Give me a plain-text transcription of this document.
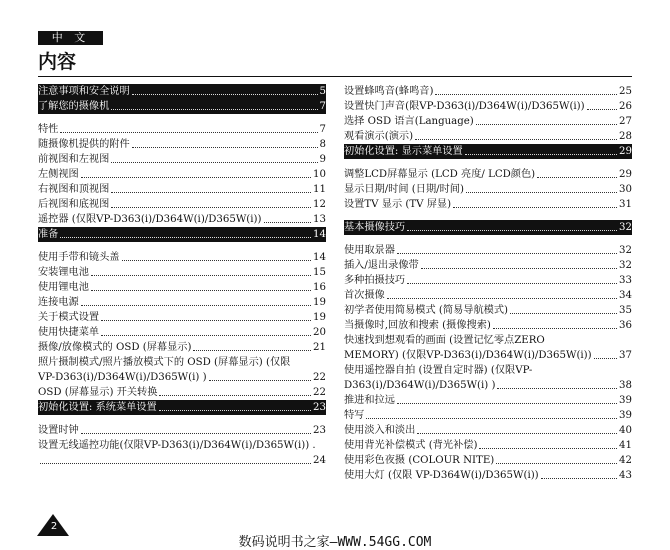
中 文
内容
注意事项和安全说明	5
了解您的摄像机	7
特性	7
随摄像机提供的附件	8
前视图和左视图	9
左侧视图	10
右视图和顶视图	11
后视图和底视图	12
遥控器 (仅限VP-D363(i)/D364W(i)/D365W(i))	13
准备	14
使用手带和镜头盖	14
安装锂电池	15
使用锂电池	16
连接电源	19
关于模式设置	19
使用快捷菜单	20
摄像/放像模式的 OSD (屏幕显示)	21
照片摄制模式/照片播放模式下的 OSD (屏幕显示) (仅限
VP-D363(i)/D364W(i)/D365W(i) )	22
OSD (屏幕显示) 开关转换	22
初始化设置: 系统菜单设置	23
设置时钟	23
设置无线遥控功能(仅限VP-D363(i)/D364W(i)/D365W(i)) .
24
设置蜂鸣音(蜂鸣音)	25
设置快门声音(限VP-D363(i)/D364W(i)/D365W(i))	26
选择 OSD 语言(Language)	27
观看演示(演示)	28
初始化设置: 显示菜单设置	29
调整LCD屏幕显示 (LCD 亮度/ LCD颜色)	29
显示日期/时间 (日期/时间)	30
设置TV 显示 (TV 屏显)	31
基本摄像技巧	32
使用取景器	32
插入/退出录像带	32
多种拍摄技巧	33
首次摄像	34
初学者使用简易模式 (简易导航模式)	35
当摄像时,回放和搜索 (摄像搜索)	36
快速找到想观看的画面 (设置记忆零点ZERO
MEMORY) (仅限VP-D363(i)/D364W(i)/D365W(i))	37
使用遥控器自拍 (设置自定时器) (仅限VP-
D363(i)/D364W(i)/D365W(i) )	38
推进和拉远	39
特写	39
使用淡入和淡出	40
使用背光补偿模式 (背光补偿)	41
使用彩色夜摄 (COLOUR NITE)	42
使用大灯 (仅限 VP-D364W(i)/D365W(i))	43
2
数码说明书之家—WWW.54GG.COM
